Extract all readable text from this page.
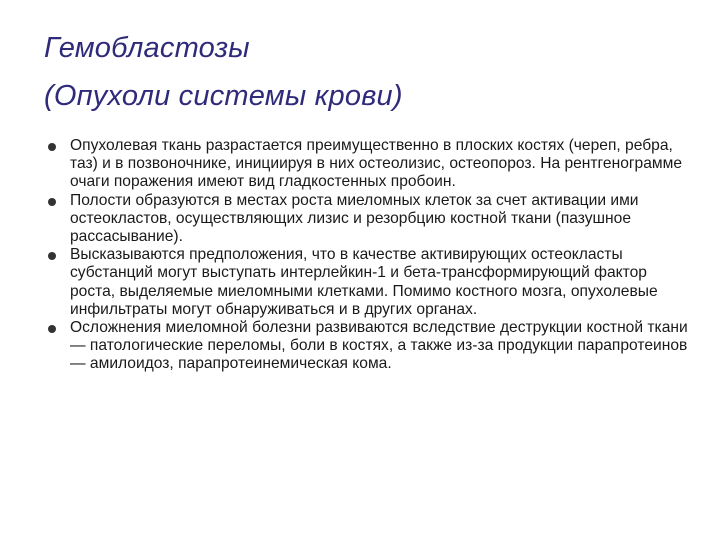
Гемобластозы
(Опухоли системы крови)
Опухолевая ткань разрастается преимущественно в плоских костях (череп, ребра, таз) и в позвоночнике, инициируя в них остеолизис, остеопороз. На рентгенограмме очаги поражения имеют вид гладкостенных пробоин.
Полости образуются в местах роста миеломных клеток за счет активации ими остеокластов, осуществляющих лизис и резорбцию костной ткани (пазушное рассасывание).
Высказываются предположения, что в качестве активирующих остеокласты субстанций могут выступать интерлейкин-1 и бета-трансформирующий фактор роста, выделяемые миеломными клетками. Помимо костного мозга, опухолевые инфильтраты могут обнаруживаться и в других органах.
Осложнения миеломной болезни развиваются вследствие деструкции костной ткани — патологические переломы, боли в костях, а также из-за продукции парапротеинов — амилоидоз, парапротеинемическая кома.
